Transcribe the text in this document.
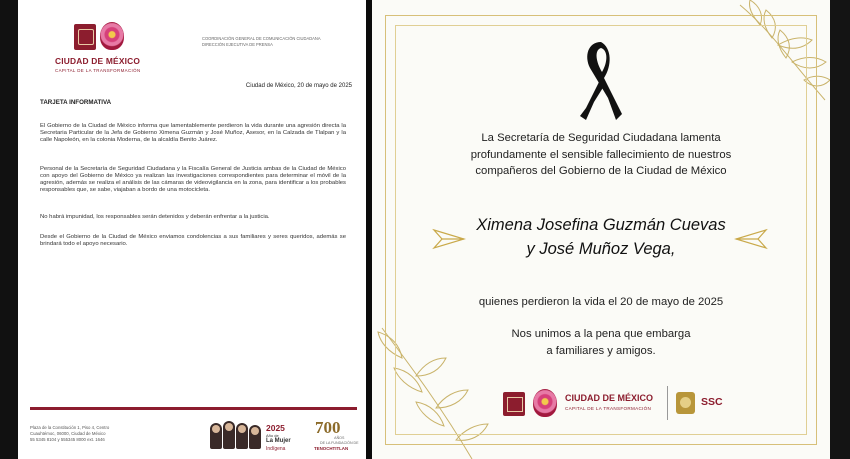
CIUDAD DE MÉXICO
CAPITAL DE LA TRANSFORMACIÓN
COORDINACIÓN GENERAL DE COMUNICACIÓN CIUDADANA
DIRECCIÓN EJECUTIVA DE PRENSA
Ciudad de México, 20 de mayo de 2025
TARJETA INFORMATIVA

El Gobierno de la Ciudad de México informa que lamentablemente perdieron la vida durante una agresión directa la Secretaria Particular de la Jefa de Gobierno Ximena Guzmán y José Muñoz, Asesor, en la Calzada de Tlalpan y la calle Napoleón, en la colonia Moderna, de la alcaldía Benito Juárez.

Personal de la Secretaría de Seguridad Ciudadana y la Fiscalía General de Justicia ambas de la Ciudad de México con apoyo del Gobierno de México ya realizan las investigaciones correspondientes para determinar el móvil de la agresión, además se realiza el análisis de las cámaras de videovigilancia en la zona, para identificar a los probables responsables que, se sabe, viajaban a bordo de una motocicleta.

No habrá impunidad, los responsables serán detenidos y deberán enfrentar a la justicia.

Desde el Gobierno de la Ciudad de México enviamos condolencias a sus familiares y seres queridos, además se brindará todo el apoyo necesario.

Plaza de la Constitución 1, Piso 4, Centro
Cuauhtémoc, 06000, Ciudad de México
55 5345 8104 y 555345 8000 ext. 1646
2025
Año de
La Mujer
Indígena
700
AÑOS
DE LA FUNDACIÓN DE
TENOCHTITLAN
La Secretaría de Seguridad Ciudadana lamenta
profundamente el sensible fallecimiento de nuestros
compañeros del Gobierno de la Ciudad de México
Ximena Josefina Guzmán Cuevas
y José Muñoz Vega,
quienes perdieron la vida el 20 de mayo de 2025
Nos unimos a la pena que embarga
a familiares y amigos.
CIUDAD DE MÉXICO
CAPITAL DE LA TRANSFORMACIÓN
SSC
